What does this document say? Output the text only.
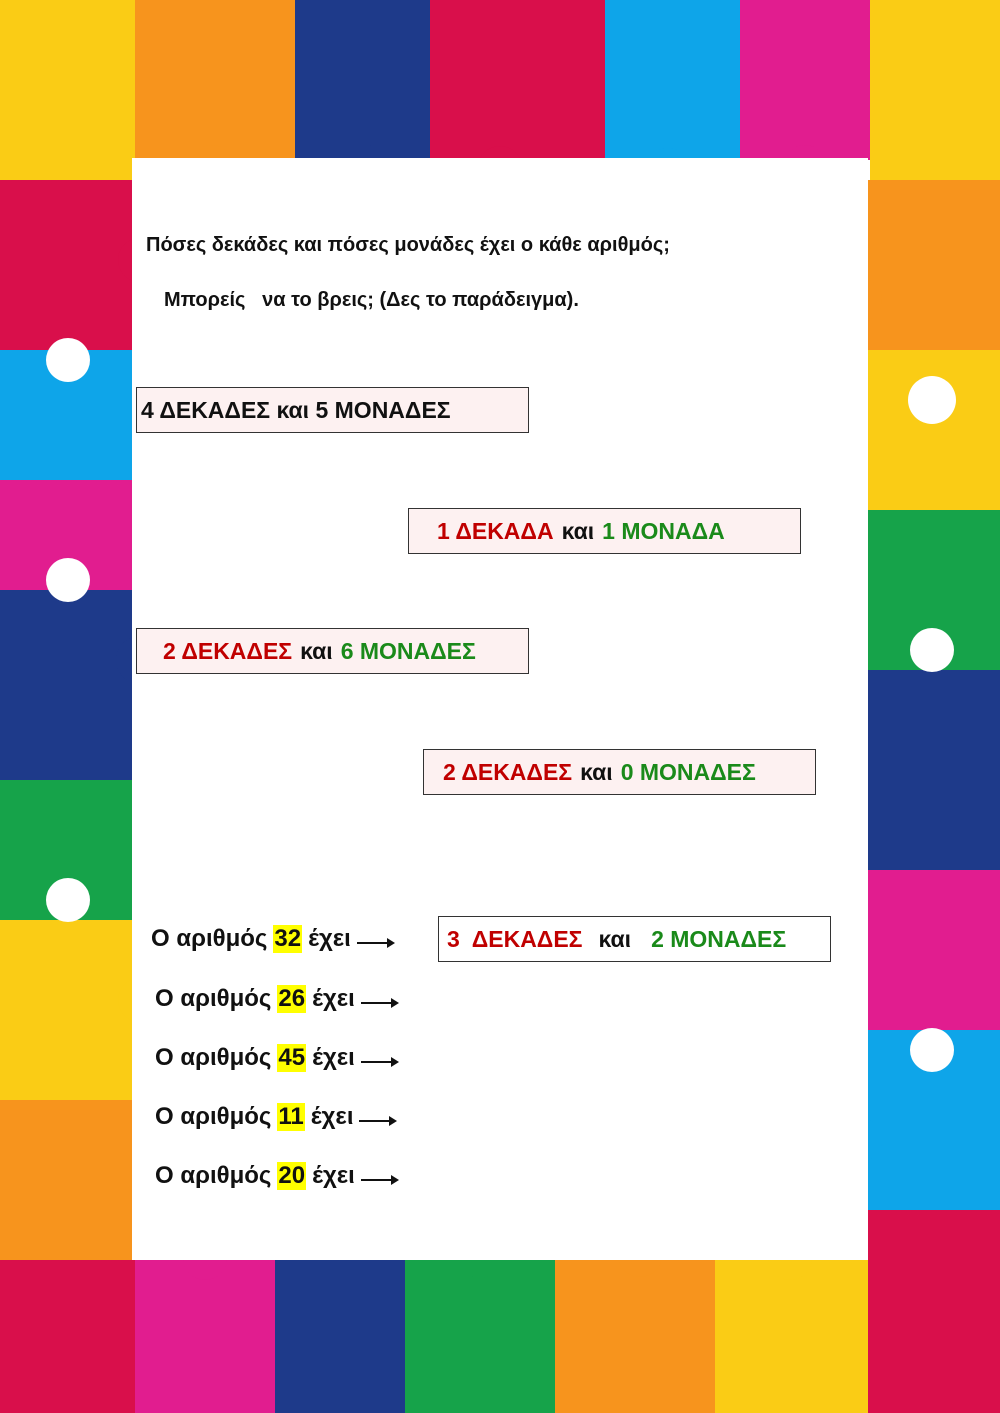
Πόσες δεκάδες και πόσες μονάδες έχει ο κάθε αριθμός;
Μπορείς   να το βρεις; (Δες το παράδειγμα).
4 ΔΕΚΑΔΕΣ και 5 ΜΟΝΑΔΕΣ
1 ΔΕΚΑΔΑ και 1 ΜΟΝΑΔΑ
2 ΔΕΚΑΔΕΣ και 6 ΜΟΝΑΔΕΣ
2 ΔΕΚΑΔΕΣ και 0 ΜΟΝΑΔΕΣ
Ο αριθμός 32 έχει	3  ΔΕΚΑΔΕΣ και 2 ΜΟΝΑΔΕΣ
Ο αριθμός 26 έχει
Ο αριθμός 45 έχει
Ο αριθμός 11 έχει
Ο αριθμός 20 έχει
